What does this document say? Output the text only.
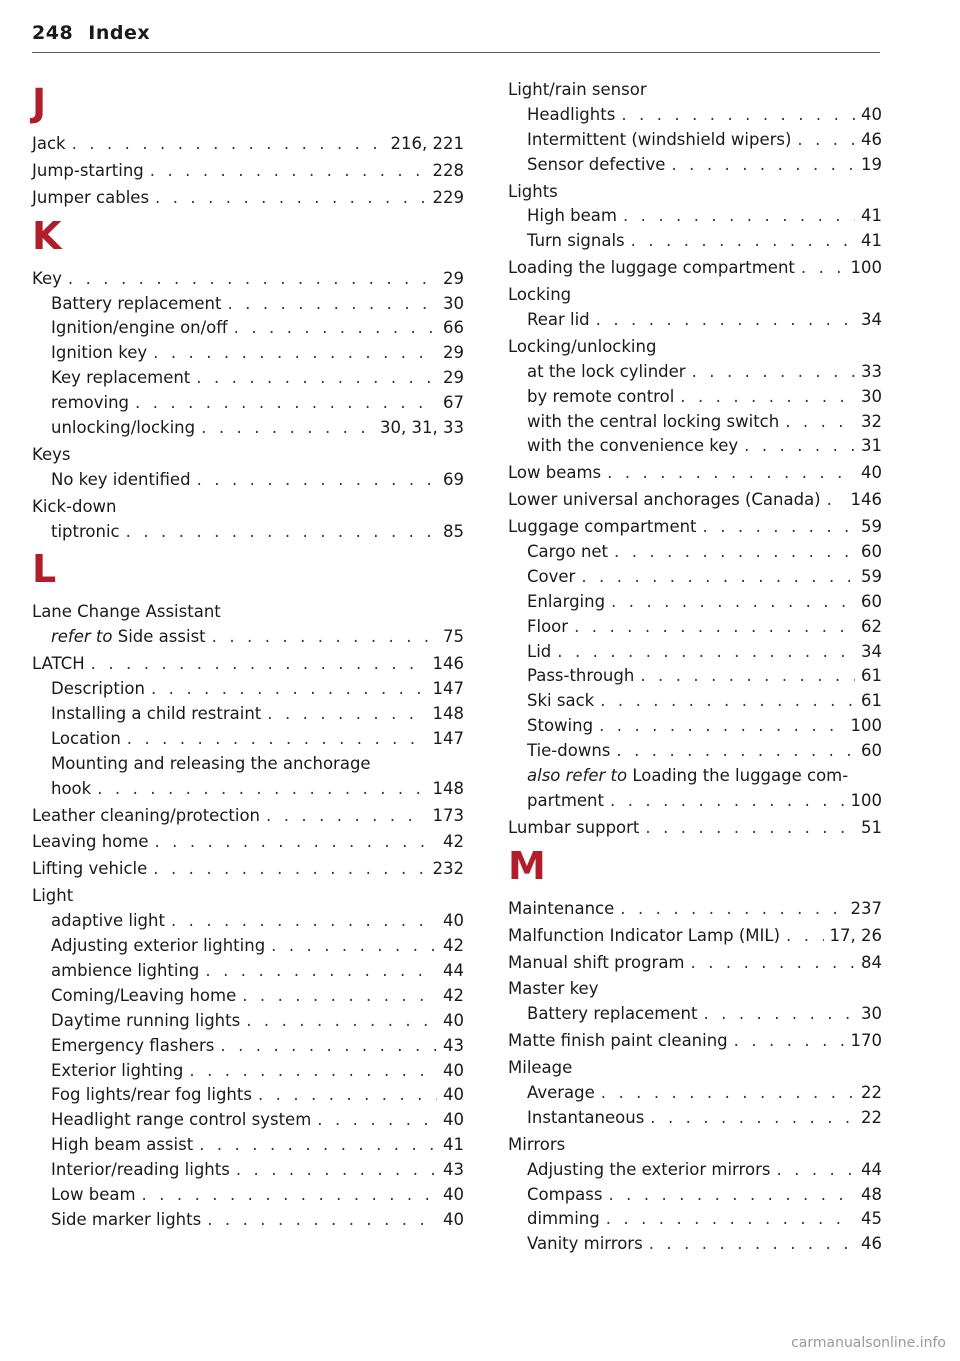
248 Index
J
Jack . . .	216, 221
Jump-starting . . .	228
Jumper cables . . .	229
K
Key . . .	29
Battery replacement . . .	30
Ignition/engine on/off . . .	66
Ignition key . . .	29
Key replacement . . .	29
removing . . .	67
unlocking/locking . . .	30, 31, 33
Keys
No key identified . . .	69
Kick-down
tiptronic . . .	85
L
Lane Change Assistant
refer to Side assist . . .	75
LATCH . . .	146
Description . . .	147
Installing a child restraint . . .	148
Location . . .	147
Mounting and releasing the anchorage
hook . . .	148
Leather cleaning/protection . . .	173
Leaving home . . .	42
Lifting vehicle . . .	232
Light
adaptive light . . .	40
Adjusting exterior lighting . . .	42
ambience lighting . . .	44
Coming/Leaving home . . .	42
Daytime running lights . . .	40
Emergency flashers . . .	43
Exterior lighting . . .	40
Fog lights/rear fog lights . . .	40
Headlight range control system . . .	40
High beam assist . . .	41
Interior/reading lights . . .	43
Low beam . . .	40
Side marker lights . . .	40
Light/rain sensor
Headlights . . .	40
Intermittent (windshield wipers) . . .	46
Sensor defective . . .	19
Lights
High beam . . .	41
Turn signals . . .	41
Loading the luggage compartment . . .	100
Locking
Rear lid . . .	34
Locking/unlocking
at the lock cylinder . . .	33
by remote control . . .	30
with the central locking switch . . .	32
with the convenience key . . .	31
Low beams . . .	40
Lower universal anchorages (Canada) . . . 146
Luggage compartment . . .	59
Cargo net . . .	60
Cover . . .	59
Enlarging . . .	60
Floor . . .	62
Lid . . .	34
Pass-through . . .	61
Ski sack . . .	61
Stowing . . .	100
Tie-downs . . .	60
also refer to Loading the luggage com-
partment . . .	100
Lumbar support . . .	51
M
Maintenance . . .	237
Malfunction Indicator Lamp (MIL) . . .	17, 26
Manual shift program . . .	84
Master key
Battery replacement . . .	30
Matte finish paint cleaning . . .	170
Mileage
Average . . .	22
Instantaneous . . .	22
Mirrors
Adjusting the exterior mirrors . . .	44
Compass . . .	48
dimming . . .	45
Vanity mirrors . . .	46
carmanualsonline.info
